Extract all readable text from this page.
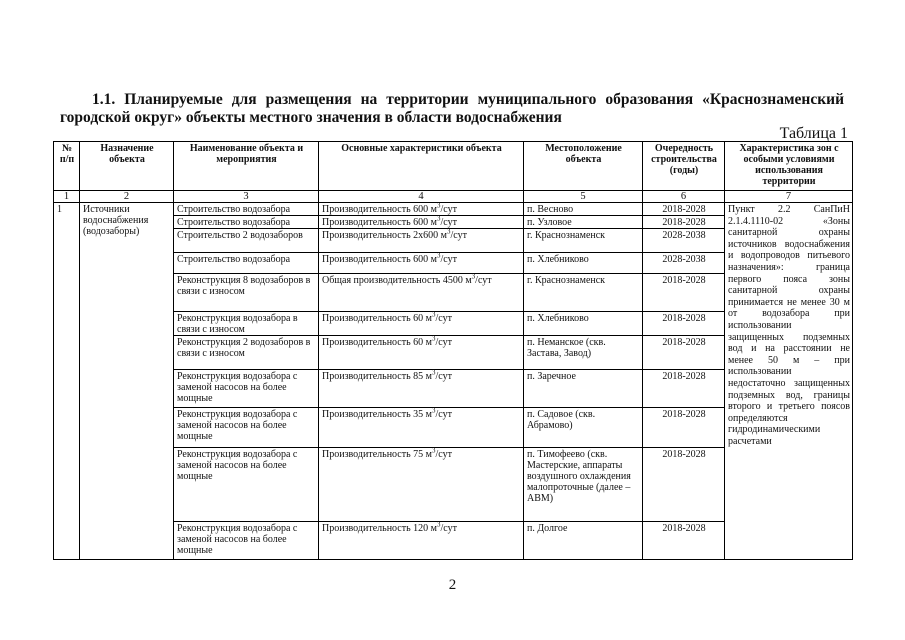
1.1. Планируемые для размещения на территории муниципального образования «Краснознаменский городской округ» объекты местного значения в области водоснабжения

Таблица 1
№ п/п	Назначение объекта	Наименование объекта и мероприятия	Основные характеристики объекта	Местоположение объекта	Очередность строительства (годы)	Характеристика зон с особыми условиями использования территории
1	2	3	4	5	6	7
1	Источники водоснабжения (водозаборы)	Строительство водозабора	Производительность 600 $м^3$/сут	п. Весново	2018-2028	Пункт 2.2 СанПиН 2.1.4.1110-02 «Зоны санитарной охраны источников водоснабжения и водопроводов питьевого назначения»: граница первого пояса зоны санитарной охраны принимается не менее 30 м от водозабора при использовании защищенных подземных вод и на расстоянии не менее 50 м – при использовании недостаточно защищенных подземных вод, границы второго и третьего поясов определяются гидродинамическими расчетами
		Строительство водозабора	Производительность 600 $м^3$/сут	п. Узловое	2018-2028	
		Строительство 2 водозаборов	Производительность 2х600 $м^3$/сут	г. Краснознаменск	2028-2038	
		Строительство водозабора	Производительность 600 $м^3$/сут	п. Хлебниково	2028-2038	
		Реконструкция 8 водозаборов в связи с износом	Общая производительность 4500 $м^3$/сут	г. Краснознаменск	2018-2028	
		Реконструкция водозабора в связи с износом	Производительность 60 $м^3$/сут	п. Хлебниково	2018-2028	
		Реконструкция 2 водозаборов в связи с износом	Производительность 60 $м^3$/сут	п. Неманское (скв. Застава, Завод)	2018-2028	
		Реконструкция водозабора с заменой насосов на более мощные	Производительность 85 $м^3$/сут	п. Заречное	2018-2028	
		Реконструкция водозабора с заменой насосов на более мощные	Производительность 35 $м^3$/сут	п. Садовое (скв. Абрамово)	2018-2028	
		Реконструкция водозабора с заменой насосов на более мощные	Производительность 75 $м^3$/сут	п. Тимофеево (скв. Мастерские, аппараты воздушного охлаждения малопроточные (далее – АВМ)	2018-2028	
		Реконструкция водозабора с заменой насосов на более мощные	Производительность 120 $м^3$/сут	п. Долгое	2018-2028	
2
